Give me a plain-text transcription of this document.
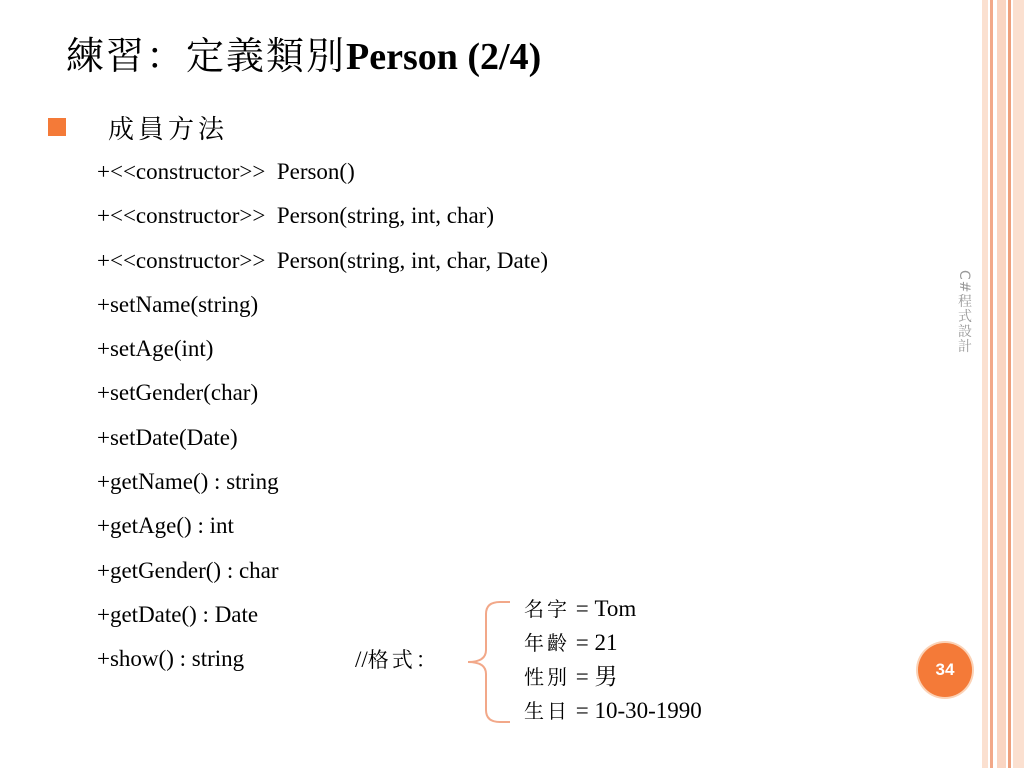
練習：定義類別Person (2/4)
成員方法
+<<constructor>>  Person()
+<<constructor>>  Person(string, int, char)
+<<constructor>>  Person(string, int, char, Date)
+setName(string)
+setAge(int)
+setGender(char)
+setDate(Date)
+getName() : string
+getAge() : int
+getGender() : char
+getDate() : Date
+show() : string	//格式：
名字 = Tom
年齡 = 21
性別 = 男
生日 = 10-30-1990
C#程式設計
34
